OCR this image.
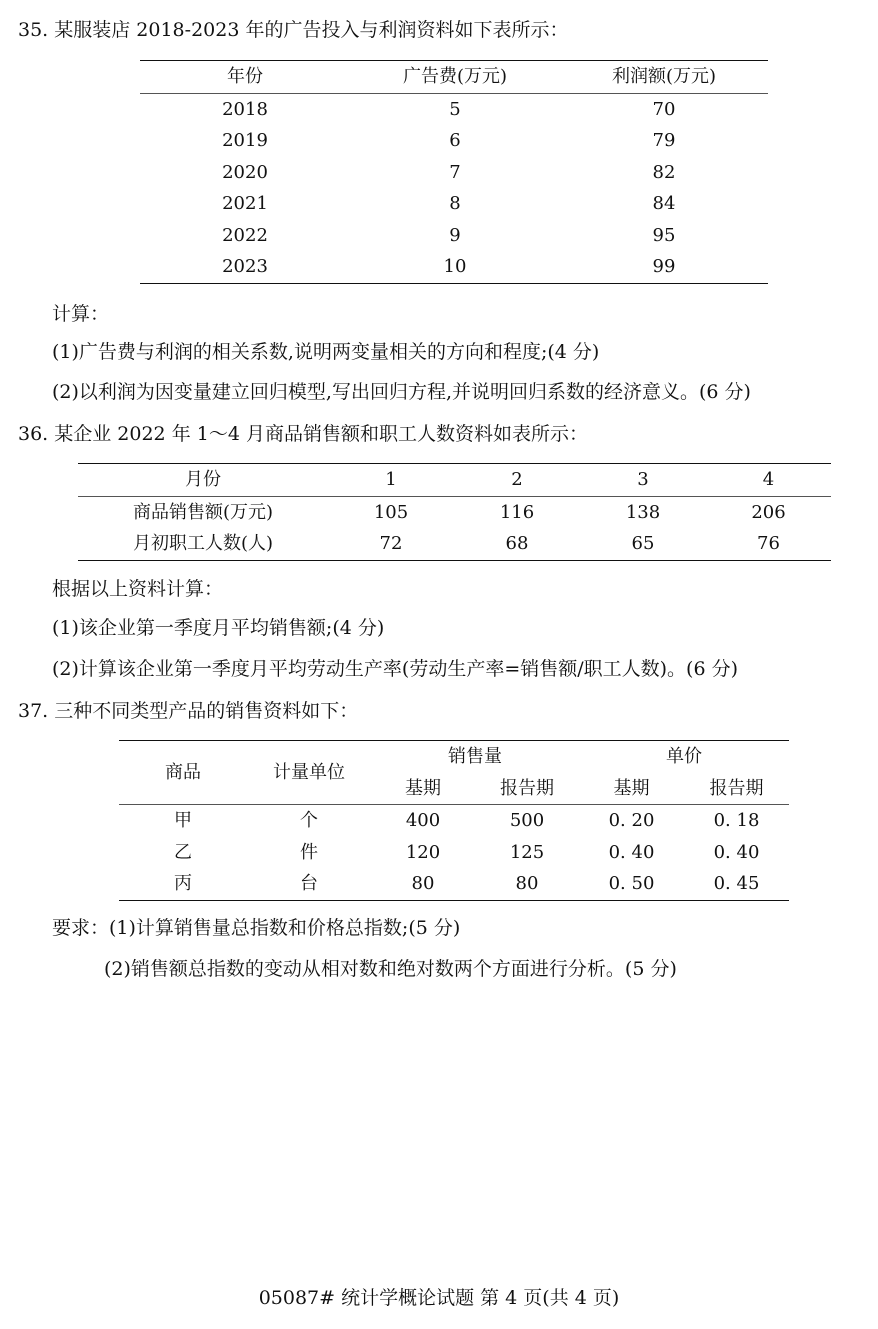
35. 某服装店 2018-2023 年的广告投入与利润资料如下表所示：
年份	广告费(万元)	利润额(万元)
2018	5	70
2019	6	79
2020	7	82
2021	8	84
2022	9	95
2023	10	99
计算：
(1)广告费与利润的相关系数,说明两变量相关的方向和程度;(4 分)
(2)以利润为因变量建立回归模型,写出回归方程,并说明回归系数的经济意义。(6 分)
36. 某企业 2022 年 1～4 月商品销售额和职工人数资料如表所示：
月份	1	2	3	4
商品销售额(万元)	105	116	138	206
月初职工人数(人)	72	68	65	76
根据以上资料计算：
(1)该企业第一季度月平均销售额;(4 分)
(2)计算该企业第一季度月平均劳动生产率(劳动生产率=销售额/职工人数)。(6 分)
37. 三种不同类型产品的销售资料如下：
商品	计量单位	销售量		单价	
		基期	报告期	基期	报告期
甲	个	400	500	0. 20	0. 18
乙	件	120	125	0. 40	0. 40
丙	台	80	80	0. 50	0. 45
要求：(1)计算销售量总指数和价格总指数;(5 分)
(2)销售额总指数的变动从相对数和绝对数两个方面进行分析。(5 分)
05087# 统计学概论试题 第 4 页(共 4 页)
